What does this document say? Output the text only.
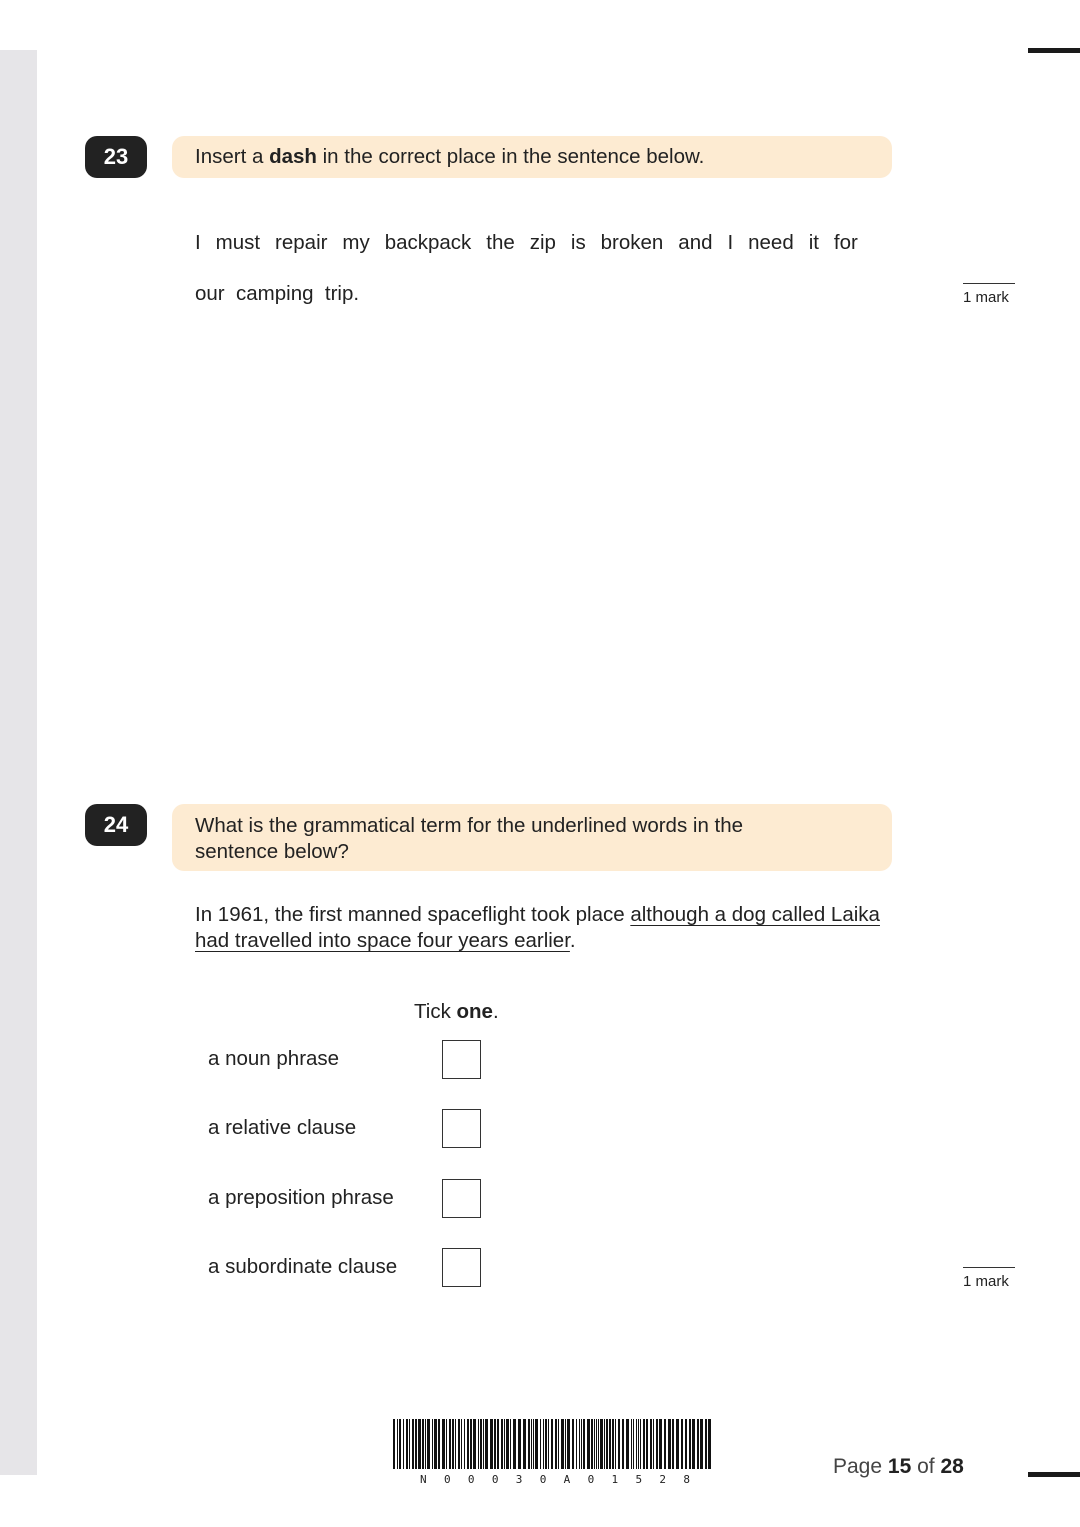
23	Insert a dash in the correct place in the sentence below.
I must repair my backpack the zip is broken and I need it for
our  camping  trip.	1 mark
24	What is the grammatical term for the underlined words in the sentence below?
In 1961, the first manned spaceflight took place although a dog called Laika had travelled into space four years earlier.
Tick one.
a noun phrase
a relative clause
a preposition phrase
a subordinate clause
1 mark
N 0 0 0 3 0 A 0 1 5 2 8
Page 15 of 28
